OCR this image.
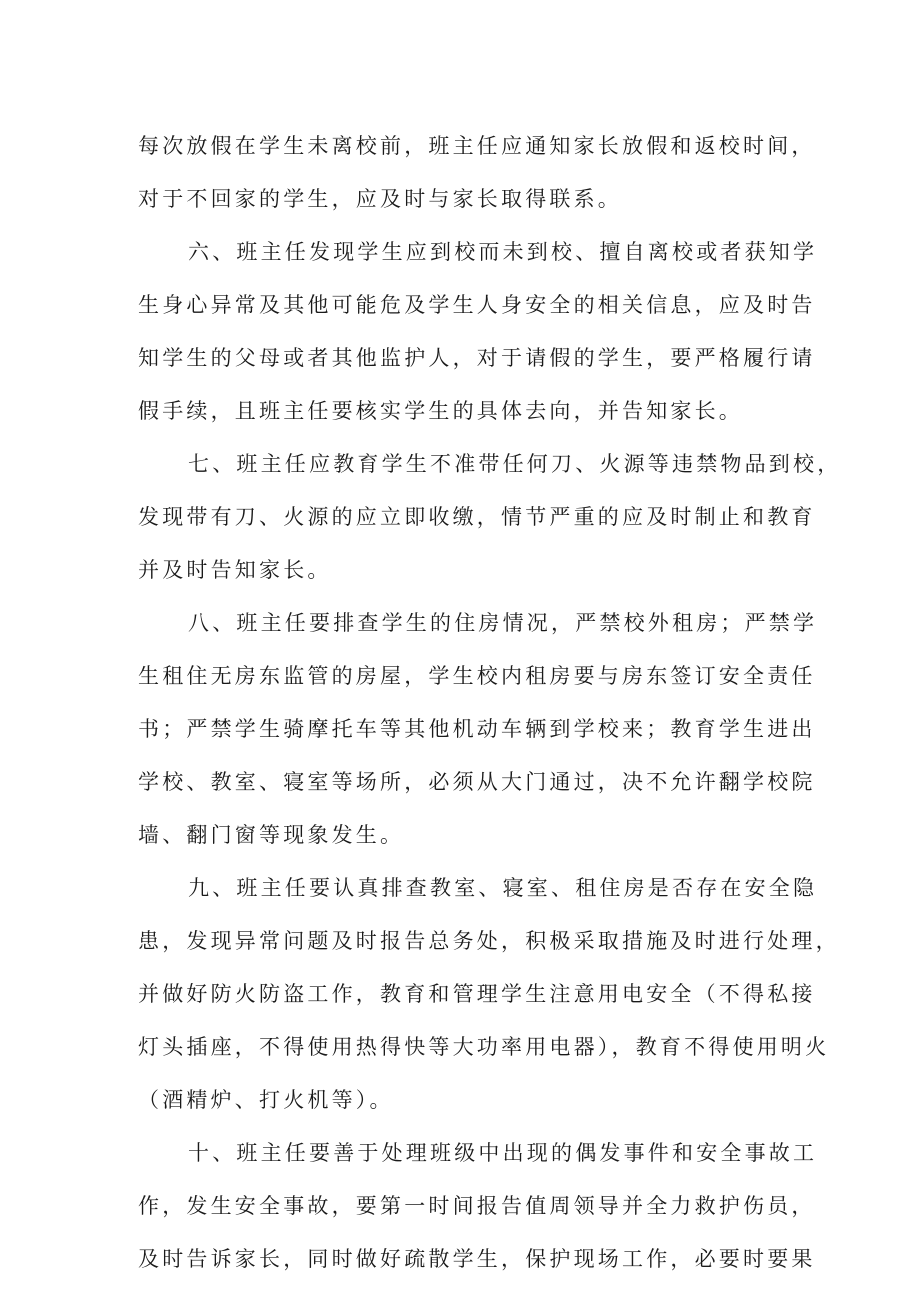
每次放假在学生未离校前，班主任应通知家长放假和返校时间，
对于不回家的学生，应及时与家长取得联系。
六、班主任发现学生应到校而未到校、擅自离校或者获知学
生身心异常及其他可能危及学生人身安全的相关信息，应及时告
知学生的父母或者其他监护人，对于请假的学生，要严格履行请
假手续，且班主任要核实学生的具体去向，并告知家长。
七、班主任应教育学生不准带任何刀、火源等违禁物品到校，
发现带有刀、火源的应立即收缴，情节严重的应及时制止和教育
并及时告知家长。
八、班主任要排查学生的住房情况，严禁校外租房；严禁学
生租住无房东监管的房屋，学生校内租房要与房东签订安全责任
书；严禁学生骑摩托车等其他机动车辆到学校来；教育学生进出
学校、教室、寝室等场所，必须从大门通过，决不允许翻学校院
墙、翻门窗等现象发生。
九、班主任要认真排查教室、寝室、租住房是否存在安全隐
患，发现异常问题及时报告总务处，积极采取措施及时进行处理，
并做好防火防盗工作，教育和管理学生注意用电安全（不得私接
灯头插座，不得使用热得快等大功率用电器），教育不得使用明火
（酒精炉、打火机等）。
十、班主任要善于处理班级中出现的偶发事件和安全事故工
作，发生安全事故，要第一时间报告值周领导并全力救护伤员，
及时告诉家长，同时做好疏散学生，保护现场工作，必要时要果
